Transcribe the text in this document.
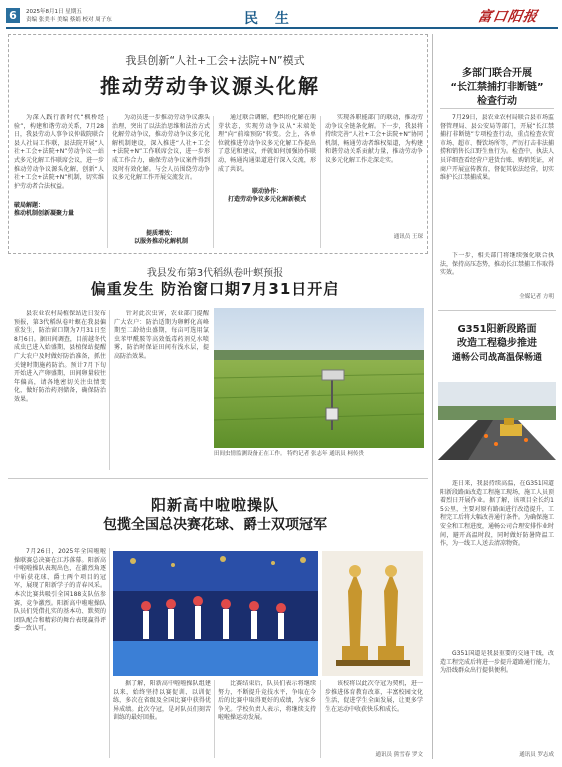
6	2025年8月1日 星期五
责编 张美丰 美编 蔡娟 校对 周子东	民 生	富口阳报
我县创新“人社+工会+法院+N”模式
推动劳动争议源头化解

为深入践行新时代“枫桥经验”，构建和谐劳动关系，7月28日，我县劳动人事争议仲裁院联合县人社局工作联，县法院开展“人社+工会+法院+N”劳动争议一站式多元化解工作联席会议，进一步推动劳动争议源头化解，创新“人社+工会+法院+N”机制，切实维护劳动者合法权益。

破局解题：
推动机制创新凝聚力量

为动员进一步推动劳动争议源头治理，突出了以法治思维和法治方式化解劳动争议，推动劳动争议多元化解机制建设，深入推进“人社+工会+法院+N”工作联席会议，进一步形成工作合力，确保劳动争议案件得到及时有效化解。与会人员围绕劳动争议多元化解工作开展交流发言。

提质增效：
以服务推动化解机制

通过联合调解，把纠纷化解在萌芽状态，实现劳动争议从“末端处理”向“前端预防”转变。会上，各单位就推进劳动争议多元化解工作提出了意见和建议，并就如何加强协作联动，畅通沟通渠道进行深入交流，形成了共识。

联动协作：
打造劳动争议多元化解新模式

实现各职能部门的联动，推动劳动争议全链条化解。下一步，我县将持续完善“人社+工会+法院+N”协同机制，畅通劳动者维权渠道，为构建和谐劳动关系贡献力量，推动劳动争议多元化解工作走深走实。

通讯员 王琛
我县发布第3代稻纵卷叶螟预报
偏重发生 防治窗口期7月31日开启

县农业农村局植保站近日发布预报，第3代稻纵卷叶螟在我县偏重发生，防治窗口期为7月31日至8月6日。据田间调查，目前越冬代成虫已进入始盛期，县植保站提醒广大农户及时做好防治准备，抓住关键时期施药防治。预计7月下旬开始进入产卵盛期，田间卵量较往年偏高，请各地密切关注虫情变化，做好防治药剂储备，确保防治效果。

针对此次虫害，农业部门提醒广大农户：防治适期为卵孵化高峰期至二龄幼虫盛期，每亩可选用氯虫苯甲酰胺等高效低毒药剂兑水喷雾，防治时保证田间有浅水层，提高防治效果。

田间虫情监测设备正在工作。 特约记者 张志年 通讯员 柯传贵

阳新高中啦啦操队
包揽全国总决赛花球、爵士双项冠军

7月26日，2025年全国啦啦操联赛总决赛在江苏落幕。阳新高中啦啦操队表现出色，在激烈角逐中斩获花球、爵士两个项目的冠军，展现了阳新学子的青春风采。本次比赛共吸引全国188支队伍参赛，竞争激烈。阳新高中啦啦操队队员们凭借扎实的基本功、默契的团队配合和精彩的舞台表现赢得评委一致认可。

据了解，阳新高中啦啦操队组建以来，始终坚持以赛促训、以训促练，多次在省级及全国比赛中获得优异成绩。此次夺冠，是对队员们刻苦训练的最好回报。

比赛结束后，队员们表示将继续努力，不断提升竞技水平，争取在今后的比赛中取得更好的成绩，为家乡争光。学校负责人表示，将继续支持啦啦操运动发展。

该校将以此次夺冠为契机，进一步推进体育教育改革，丰富校园文化生活，促进学生全面发展，让更多学生在运动中收获快乐和成长。

通讯员 熊雪春 罗文
多部门联合开展
“长江禁捕打非断链”
检查行动

7月29日，县农业农村局联合县市场监督管理局、县公安局等部门，开展“长江禁捕打非断链”专项检查行动，重点检查农贸市场、超市、餐饮场所等，严厉打击非法捕捞和销售长江野生鱼行为。检查中，执法人员详细查看经营户进货台账、购销凭证，对商户开展宣传教育，督促其依法经营，切实维护长江禁捕成果。

下一步，相关部门将继续强化联合执法，保持高压态势，推动长江禁捕工作取得实效。

全媒记者 方明
G351阳新段路面
改造工程稳步推进
通畅公司战高温保畅通

连日来，我县持续高温，在G351国道阳新段路面改造工程施工现场，施工人员顶着烈日开展作业。据了解，该项目全长约15公里，主要对原有路面进行改造提升，工程完工后将大幅改善通行条件。为确保施工安全和工程进度，通畅公司合理安排作业时间，避开高温时段，同时做好防暑降温工作，为一线工人送去清凉物资。

G351国道是我县重要的交通干线，改造工程完成后将进一步提升道路通行能力，为沿线群众出行提供便利。

通讯员 罗志成
